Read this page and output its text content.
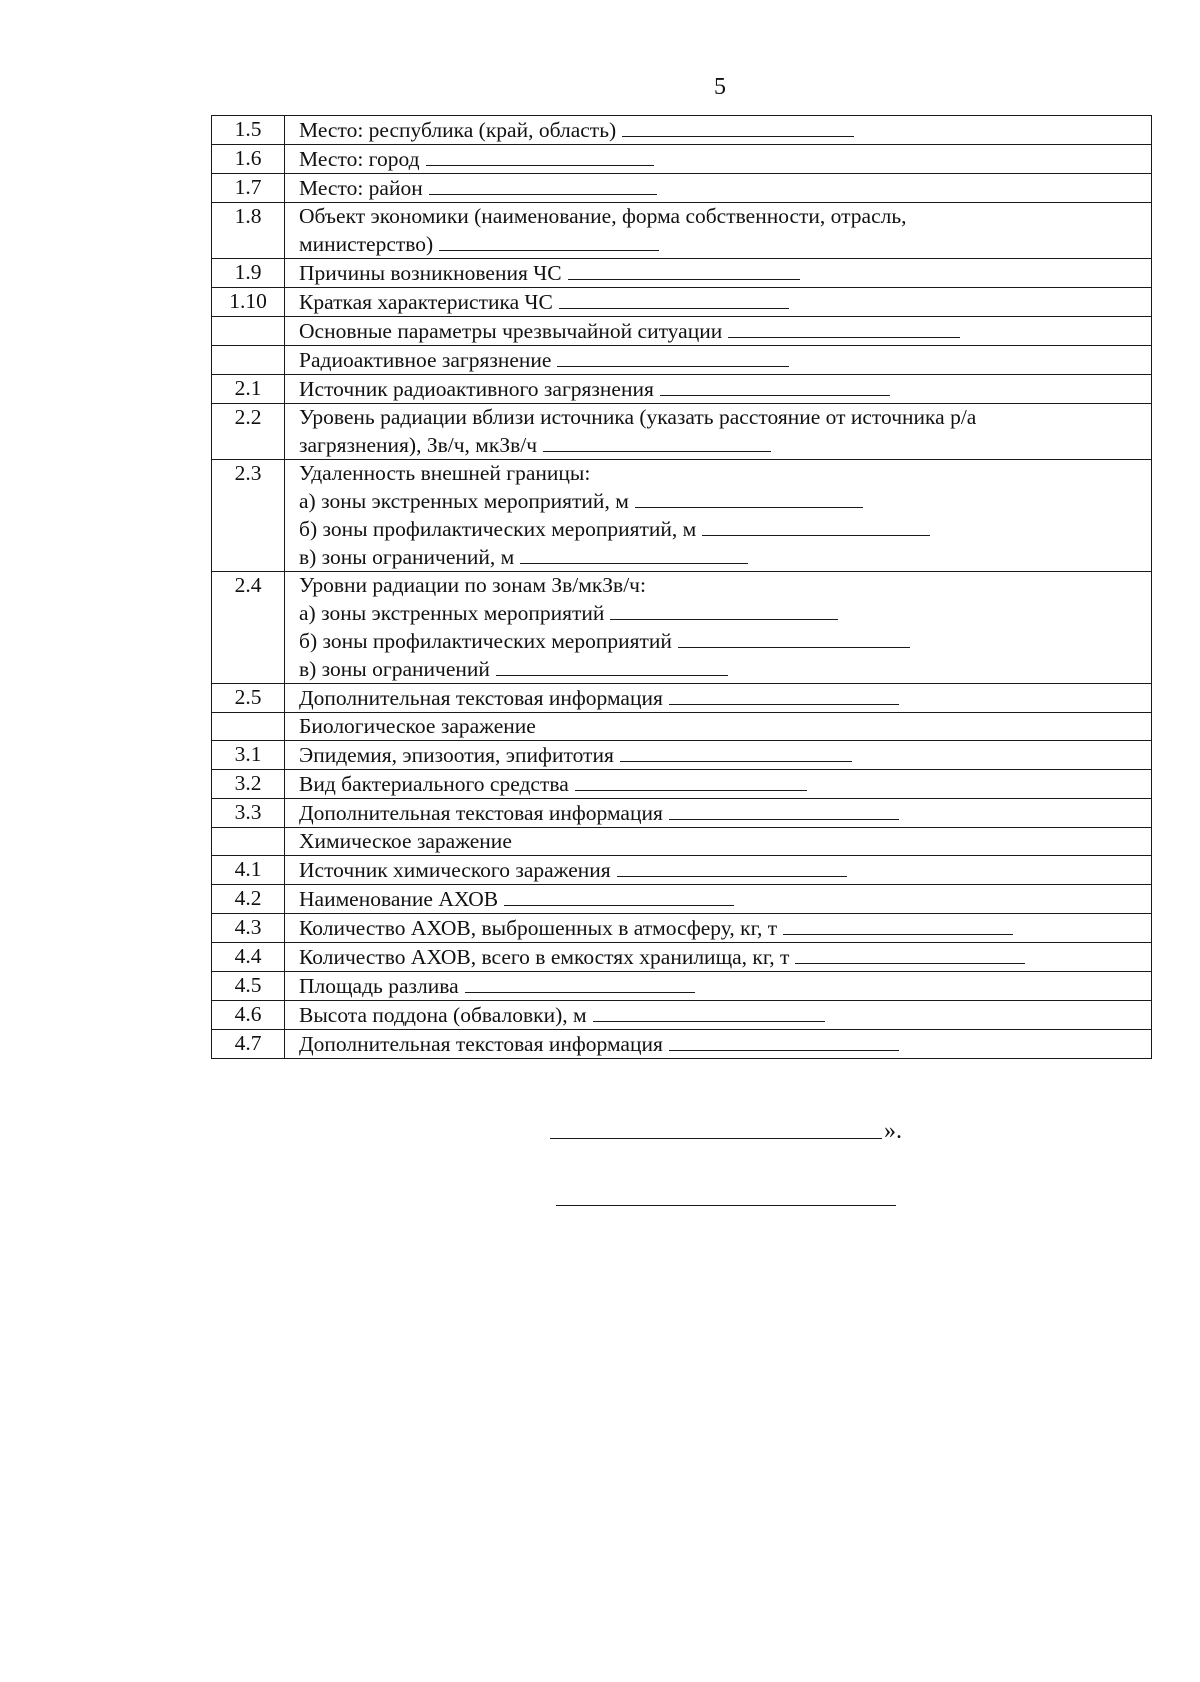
5
1.5	Место: республика (край, область)

1.6	Место: город

1.7	Место: район

1.8	Объект экономики (наименование, форма собственности, отрасль,
министерство)

1.9	Причины возникновения ЧС

1.10	Краткая характеристика ЧС

	Основные параметры чрезвычайной ситуации

	Радиоактивное загрязнение

2.1	Источник радиоактивного загрязнения

2.2	Уровень радиации вблизи источника (указать расстояние от источника р/а
загрязнения), Зв/ч, мкЗв/ч

2.3	Удаленность внешней границы:
а) зоны экстренных мероприятий, м
б) зоны профилактических мероприятий, м
в) зоны ограничений, м

2.4	Уровни радиации по зонам Зв/мкЗв/ч:
а) зоны экстренных мероприятий
б) зоны профилактических мероприятий
в) зоны ограничений

2.5	Дополнительная текстовая информация

	Биологическое заражение

3.1	Эпидемия, эпизоотия, эпифитотия

3.2	Вид бактериального средства

3.3	Дополнительная текстовая информация

	Химическое заражение

4.1	Источник химического заражения

4.2	Наименование АХОВ

4.3	Количество АХОВ, выброшенных в атмосферу, кг, т

4.4	Количество АХОВ, всего в емкостях хранилища, кг, т

4.5	Площадь разлива

4.6	Высота поддона (обваловки), м

4.7	Дополнительная текстовая информация
».
